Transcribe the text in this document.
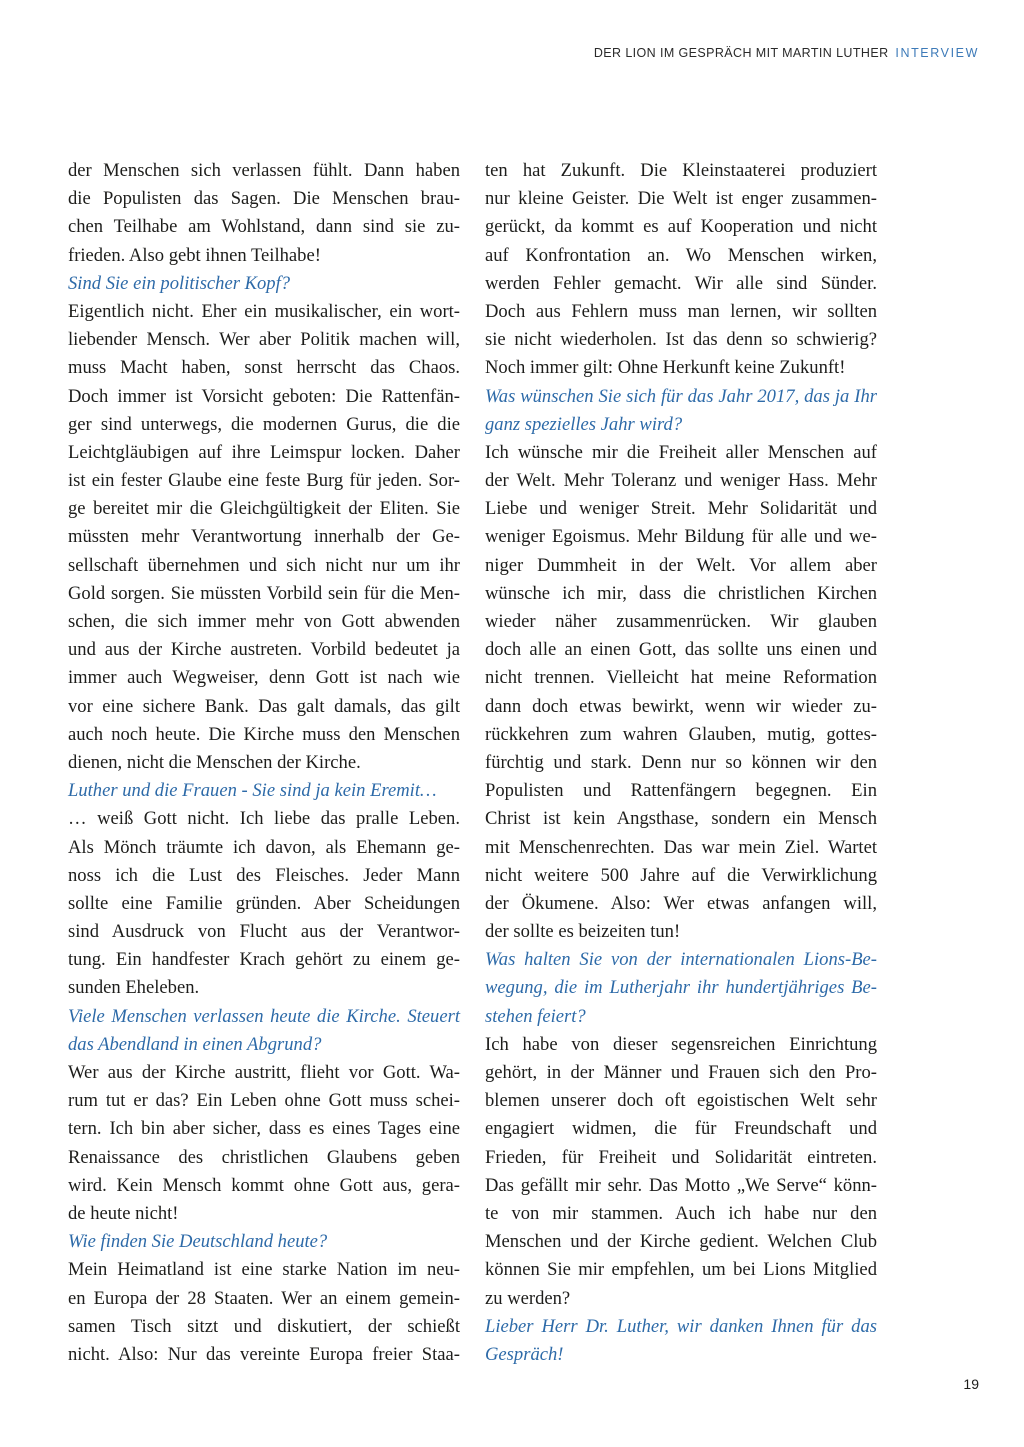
DER LION IM GESPRÄCH MIT MARTIN LUTHER INTERVIEW
der Menschen sich verlassen fühlt. Dann haben
die Populisten das Sagen. Die Menschen brau-
chen Teilhabe am Wohlstand, dann sind sie zu-
frieden. Also gebt ihnen Teilhabe!
Sind Sie ein politischer Kopf?
Eigentlich nicht. Eher ein musikalischer, ein wort-
liebender Mensch. Wer aber Politik machen will,
muss Macht haben, sonst herrscht das Chaos.
Doch immer ist Vorsicht geboten: Die Rattenfän-
ger sind unterwegs, die modernen Gurus, die die
Leichtgläubigen auf ihre Leimspur locken. Daher
ist ein fester Glaube eine feste Burg für jeden. Sor-
ge bereitet mir die Gleichgültigkeit der Eliten. Sie
müssten mehr Verantwortung innerhalb der Ge-
sellschaft übernehmen und sich nicht nur um ihr
Gold sorgen. Sie müssten Vorbild sein für die Men-
schen, die sich immer mehr von Gott abwenden
und aus der Kirche austreten. Vorbild bedeutet ja
immer auch Wegweiser, denn Gott ist nach wie
vor eine sichere Bank. Das galt damals, das gilt
auch noch heute. Die Kirche muss den Menschen
dienen, nicht die Menschen der Kirche.
Luther und die Frauen - Sie sind ja kein Eremit…
… weiß Gott nicht. Ich liebe das pralle Leben.
Als Mönch träumte ich davon, als Ehemann ge-
noss ich die Lust des Fleisches. Jeder Mann
sollte eine Familie gründen. Aber Scheidungen
sind Ausdruck von Flucht aus der Verantwor-
tung. Ein handfester Krach gehört zu einem ge-
sunden Eheleben.
Viele Menschen verlassen heute die Kirche. Steuert
das Abendland in einen Abgrund?
Wer aus der Kirche austritt, flieht vor Gott. Wa-
rum tut er das? Ein Leben ohne Gott muss schei-
tern. Ich bin aber sicher, dass es eines Tages eine
Renaissance des christlichen Glaubens geben
wird. Kein Mensch kommt ohne Gott aus, gera-
de heute nicht!
Wie finden Sie Deutschland heute?
Mein Heimatland ist eine starke Nation im neu-
en Europa der 28 Staaten. Wer an einem gemein-
samen Tisch sitzt und diskutiert, der schießt
nicht. Also: Nur das vereinte Europa freier Staa-
ten hat Zukunft. Die Kleinstaaterei produziert
nur kleine Geister. Die Welt ist enger zusammen-
gerückt, da kommt es auf Kooperation und nicht
auf Konfrontation an. Wo Menschen wirken,
werden Fehler gemacht. Wir alle sind Sünder.
Doch aus Fehlern muss man lernen, wir sollten
sie nicht wiederholen. Ist das denn so schwierig?
Noch immer gilt: Ohne Herkunft keine Zukunft!
Was wünschen Sie sich für das Jahr 2017, das ja Ihr
ganz spezielles Jahr wird?
Ich wünsche mir die Freiheit aller Menschen auf
der Welt. Mehr Toleranz und weniger Hass. Mehr
Liebe und weniger Streit. Mehr Solidarität und
weniger Egoismus. Mehr Bildung für alle und we-
niger Dummheit in der Welt. Vor allem aber
wünsche ich mir, dass die christlichen Kirchen
wieder näher zusammenrücken. Wir glauben
doch alle an einen Gott, das sollte uns einen und
nicht trennen. Vielleicht hat meine Reformation
dann doch etwas bewirkt, wenn wir wieder zu-
rückkehren zum wahren Glauben, mutig, gottes-
fürchtig und stark. Denn nur so können wir den
Populisten und Rattenfängern begegnen. Ein
Christ ist kein Angsthase, sondern ein Mensch
mit Menschenrechten. Das war mein Ziel. Wartet
nicht weitere 500 Jahre auf die Verwirklichung
der Ökumene. Also: Wer etwas anfangen will,
der sollte es beizeiten tun!
Was halten Sie von der internationalen Lions-Be-
wegung, die im Lutherjahr ihr hundertjähriges Be-
stehen feiert?
Ich habe von dieser segensreichen Einrichtung
gehört, in der Männer und Frauen sich den Pro-
blemen unserer doch oft egoistischen Welt sehr
engagiert widmen, die für Freundschaft und
Frieden, für Freiheit und Solidarität eintreten.
Das gefällt mir sehr. Das Motto „We Serve“ könn-
te von mir stammen. Auch ich habe nur den
Menschen und der Kirche gedient. Welchen Club
können Sie mir empfehlen, um bei Lions Mitglied
zu werden?
Lieber Herr Dr. Luther, wir danken Ihnen für das
Gespräch!
19
